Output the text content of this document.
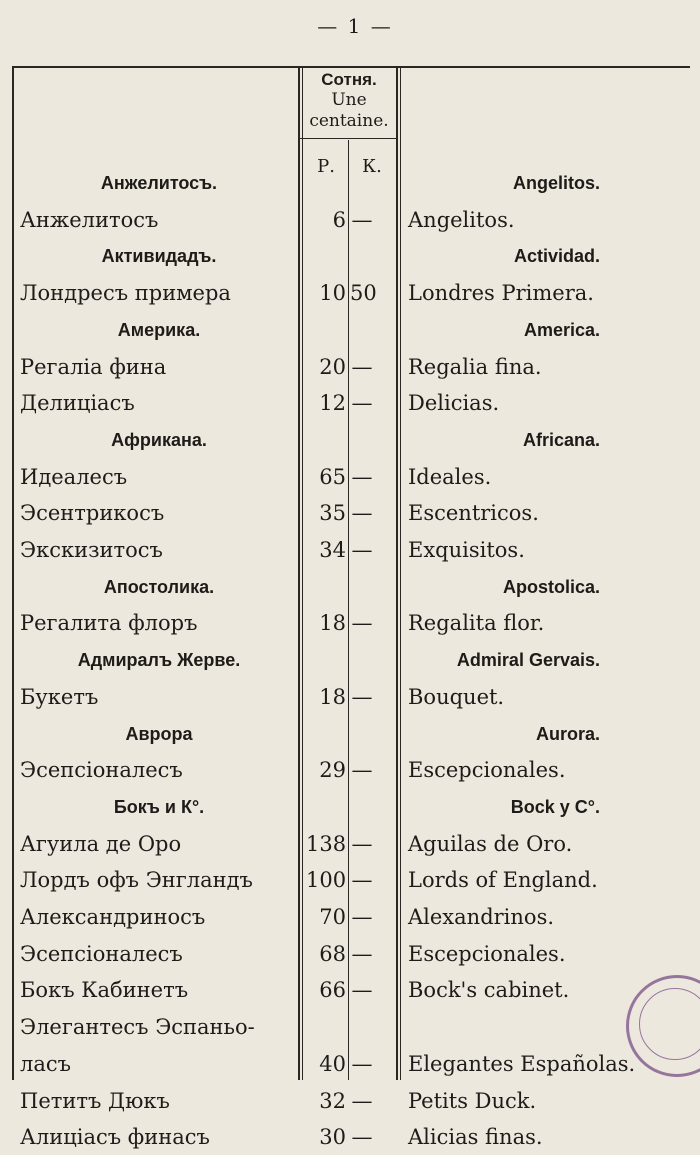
— 1 —
Сотня.
Une
centaine.
Р.	К.
Анжелитосъ.	Angelitos.
Анжелитосъ	6 — Angelitos.
Активидадъ.	Actividad.
Лондресъ примера	10 50 Londres Primera.
Америка.	America.
Регаліа фина	20 — Regalia fina.
Делиціасъ	12 — Delicias.
Африкана.	Africana.
Идеалесъ	65 — Ideales.
Эсентрикосъ	35 — Escentricos.
Экскизитосъ	34 — Exquisitos.
Апостолика.	Apostolica.
Регалита флоръ	18 — Regalita flor.
Адмиралъ Жерве.	Admiral Gervais.
Букетъ	18 — Bouquet.
Аврора	Aurora.
Эсепсіоналесъ	29 — Escepcionales.
Бокъ и К°.	Bock y C°.
Агуила де Оро	138 — Aguilas de Oro.
Лордъ офъ Энгландъ	100 — Lords of England.
Александриносъ	70 — Alexandrinos.
Эсепсіоналесъ	68 — Escepcionales.
Бокъ Кабинетъ	66 — Bock's cabinet.
Элегантесъ Эспаньо-
ласъ	40 — Elegantes Españolas.
Петитъ Дюкъ	32 — Petits Duck.
Алиціасъ финасъ	30 — Alicias finas.
